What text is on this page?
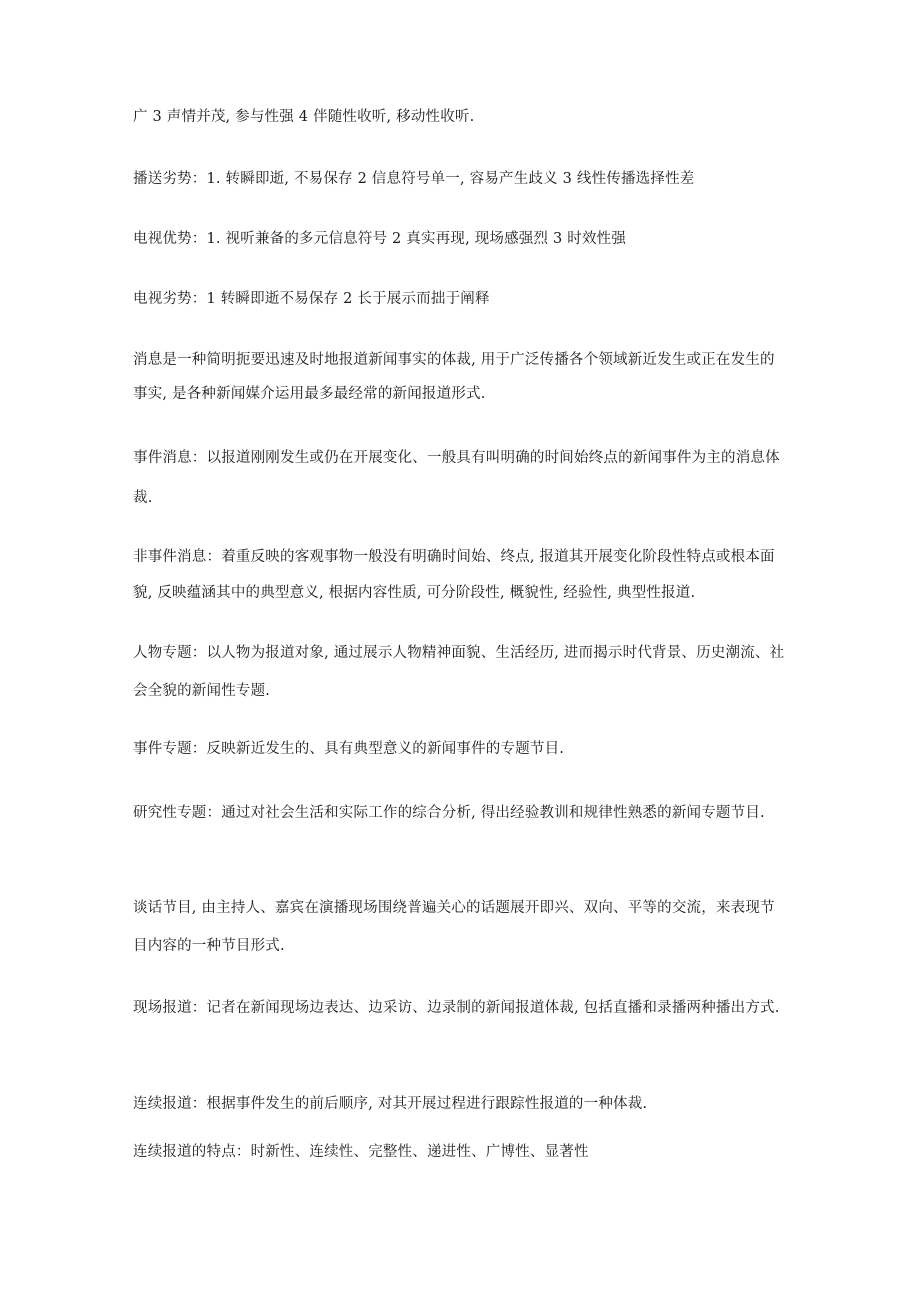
广 3 声情并茂, 参与性强 4 伴随性收听, 移动性收听.

播送劣势：1. 转瞬即逝, 不易保存 2 信息符号单一, 容易产生歧义 3 线性传播选择性差

电视优势：1. 视听兼备的多元信息符号 2 真实再现, 现场感强烈 3 时效性强

电视劣势：1 转瞬即逝不易保存 2 长于展示而拙于阐释

消息是一种简明扼要迅速及时地报道新闻事实的体裁, 用于广泛传播各个领域新近发生或正在发生的事实, 是各种新闻媒介运用最多最经常的新闻报道形式.

事件消息：以报道刚刚发生或仍在开展变化、一般具有叫明确的时间始终点的新闻事件为主的消息体裁.

非事件消息：着重反映的客观事物一般没有明确时间始、终点, 报道其开展变化阶段性特点或根本面貌, 反映蕴涵其中的典型意义, 根据内容性质, 可分阶段性, 概貌性, 经验性, 典型性报道.

人物专题：以人物为报道对象, 通过展示人物精神面貌、生活经历, 进而揭示时代背景、历史潮流、社会全貌的新闻性专题.

事件专题：反映新近发生的、具有典型意义的新闻事件的专题节目.

研究性专题：通过对社会生活和实际工作的综合分析, 得出经验教训和规律性熟悉的新闻专题节目.

谈话节目, 由主持人、嘉宾在演播现场围绕普遍关心的话题展开即兴、双向、平等的交流，来表现节目内容的一种节目形式.

现场报道：记者在新闻现场边表达、边采访、边录制的新闻报道体裁, 包括直播和录播两种播出方式.

连续报道：根据事件发生的前后顺序, 对其开展过程进行跟踪性报道的一种体裁.

连续报道的特点：时新性、连续性、完整性、递进性、广博性、显著性
